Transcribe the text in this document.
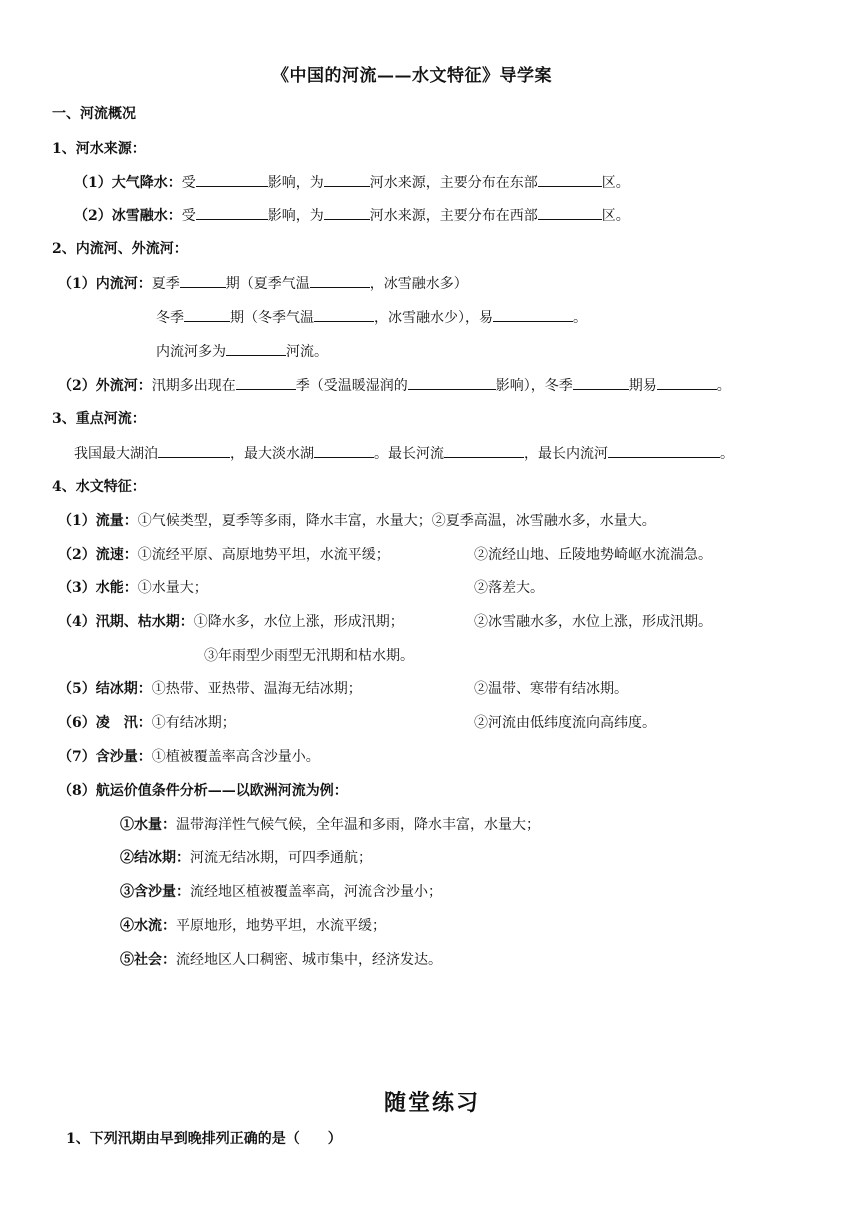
《中国的河流——水文特征》导学案
一、河流概况
1、河水来源：
（1）大气降水：受	影响，为	河水来源，主要分布在东部	区。
（2）冰雪融水：受	影响，为	河水来源，主要分布在西部	区。
2、内流河、外流河：
（1）内流河：夏季	期（夏季气温	，冰雪融水多）
冬季	期（冬季气温	，冰雪融水少），易	。
内流河多为	河流。
（2）外流河：汛期多出现在	季（受温暖湿润的	影响），冬季	期易	。
3、重点河流：
我国最大湖泊	，最大淡水湖	。最长河流	，最长内流河	。
4、水文特征：
（1）流量：①气候类型，夏季等多雨，降水丰富，水量大；②夏季高温，冰雪融水多，水量大。
（2）流速：①流经平原、高原地势平坦，水流平缓；	②流经山地、丘陵地势崎岖水流湍急。
（3）水能：①水量大；	②落差大。
（4）汛期、枯水期：①降水多，水位上涨，形成汛期；	②冰雪融水多，水位上涨，形成汛期。
③年雨型少雨型无汛期和枯水期。
（5）结冰期：①热带、亚热带、温海无结冰期；	②温带、寒带有结冰期。
（6）凌　汛：①有结冰期；	②河流由低纬度流向高纬度。
（7）含沙量：①植被覆盖率高含沙量小。
（8）航运价值条件分析——以欧洲河流为例：
①水量：温带海洋性气候气候，全年温和多雨，降水丰富，水量大；
②结冰期：河流无结冰期，可四季通航；
③含沙量：流经地区植被覆盖率高，河流含沙量小；
④水流：平原地形，地势平坦，水流平缓；
⑤社会：流经地区人口稠密、城市集中，经济发达。
随堂练习
1、下列汛期由早到晚排列正确的是（　　）
